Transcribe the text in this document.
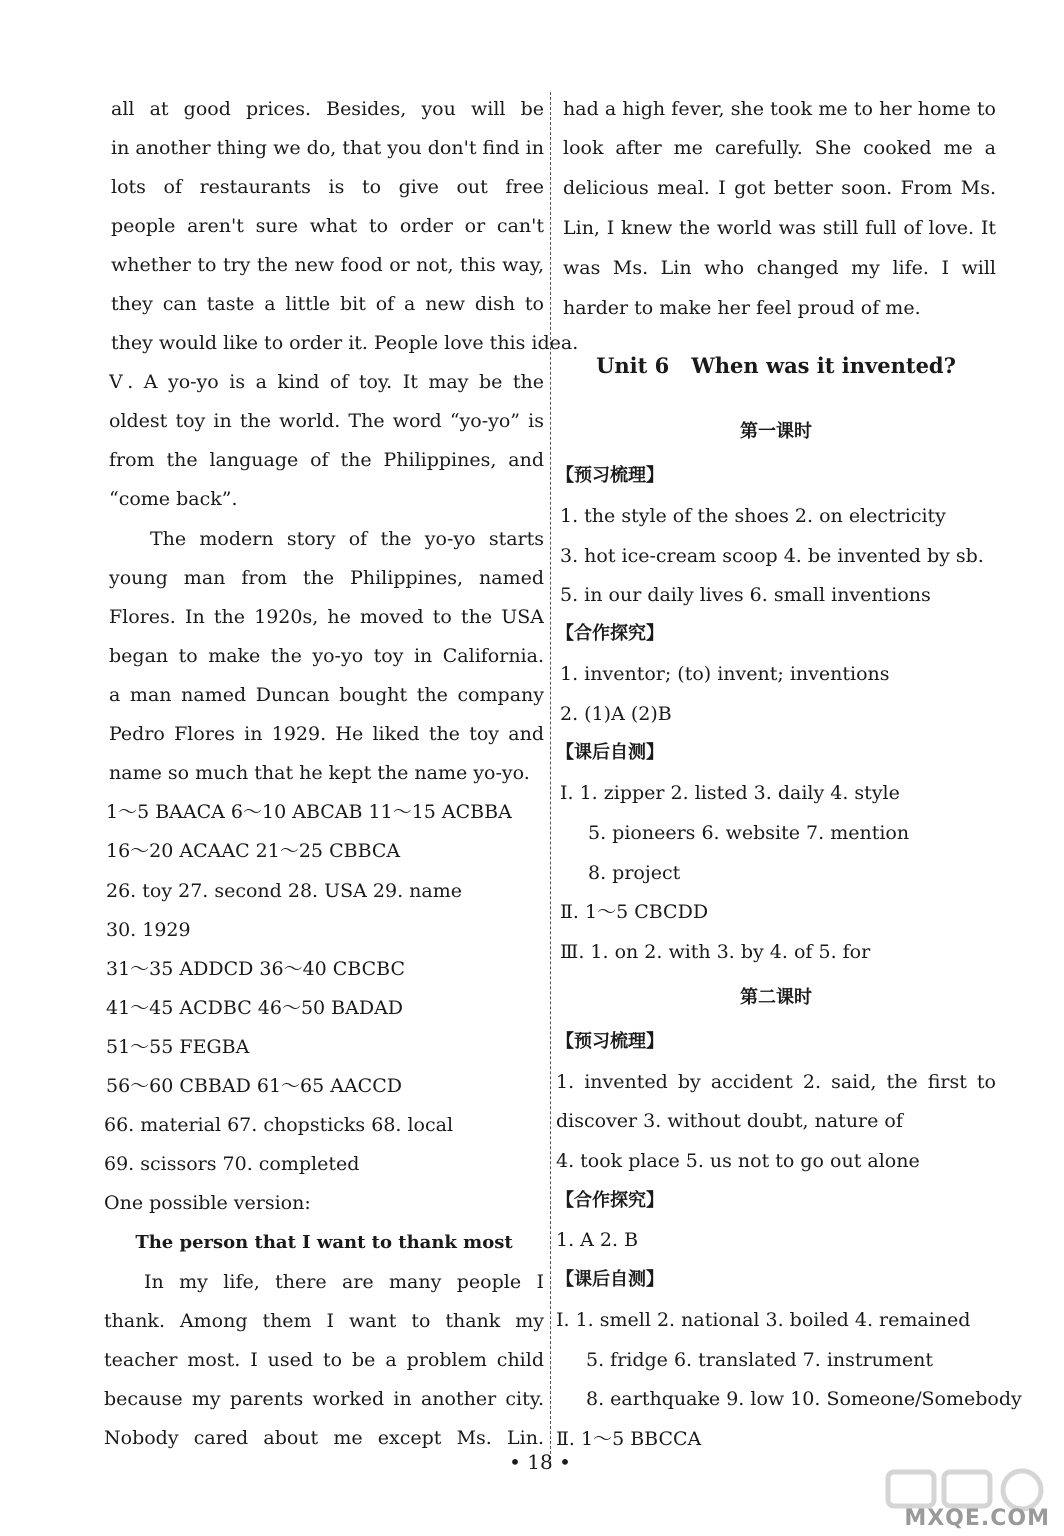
all at good prices. Besides, you will be
in another thing we do, that you don't find in
lots of restaurants is to give out free
people aren't sure what to order or can't
whether to try the new food or not, this way,
they can taste a little bit of a new dish to
they would like to order it. People love this idea.
Ⅴ. A yo-yo is a kind of toy. It may be the
oldest toy in the world. The word “yo-yo” is
from the language of the Philippines, and
“come back”.
The modern story of the yo-yo starts
young man from the Philippines, named
Flores. In the 1920s, he moved to the USA
began to make the yo-yo toy in California.
a man named Duncan bought the company
Pedro Flores in 1929. He liked the toy and
name so much that he kept the name yo-yo.
1～5 BAACA 6～10 ABCAB 11～15 ACBBA
16～20 ACAAC 21～25 CBBCA
26. toy 27. second 28. USA 29. name
30. 1929
31～35 ADDCD 36～40 CBCBC
41～45 ACDBC 46～50 BADAD
51～55 FEGBA
56～60 CBBAD 61～65 AACCD
66. material 67. chopsticks 68. local
69. scissors 70. completed
One possible version:
In my life, there are many people I
thank. Among them I want to thank my
teacher most. I used to be a problem child
because my parents worked in another city.
Nobody cared about me except Ms. Lin.
The person that I want to thank most
had a high fever, she took me to her home to
look after me carefully. She cooked me a
delicious meal. I got better soon. From Ms.
Lin, I knew the world was still full of love. It
was Ms. Lin who changed my life. I will
harder to make her feel proud of me.
【预习梳理】
1. the style of the shoes 2. on electricity
3. hot ice-cream scoop 4. be invented by sb.
5. in our daily lives 6. small inventions
【合作探究】
1. inventor; (to) invent; inventions
2. (1)A (2)B
【课后自测】
Ⅰ. 1. zipper 2. listed 3. daily 4. style
5. pioneers 6. website 7. mention
8. project
Ⅱ. 1～5 CBCDD
Ⅲ. 1. on 2. with 3. by 4. of 5. for
【预习梳理】
1. invented by accident 2. said, the first to
discover 3. without doubt, nature of
4. took place 5. us not to go out alone
【合作探究】
1. A 2. B
【课后自测】
Ⅰ. 1. smell 2. national 3. boiled 4. remained
5. fridge 6. translated 7. instrument
8. earthquake 9. low 10. Someone/Somebody
Ⅱ. 1～5 BBCCA
Unit 6   When was it invented?
第一课时
第二课时
• 18 •
MXQE.COM
